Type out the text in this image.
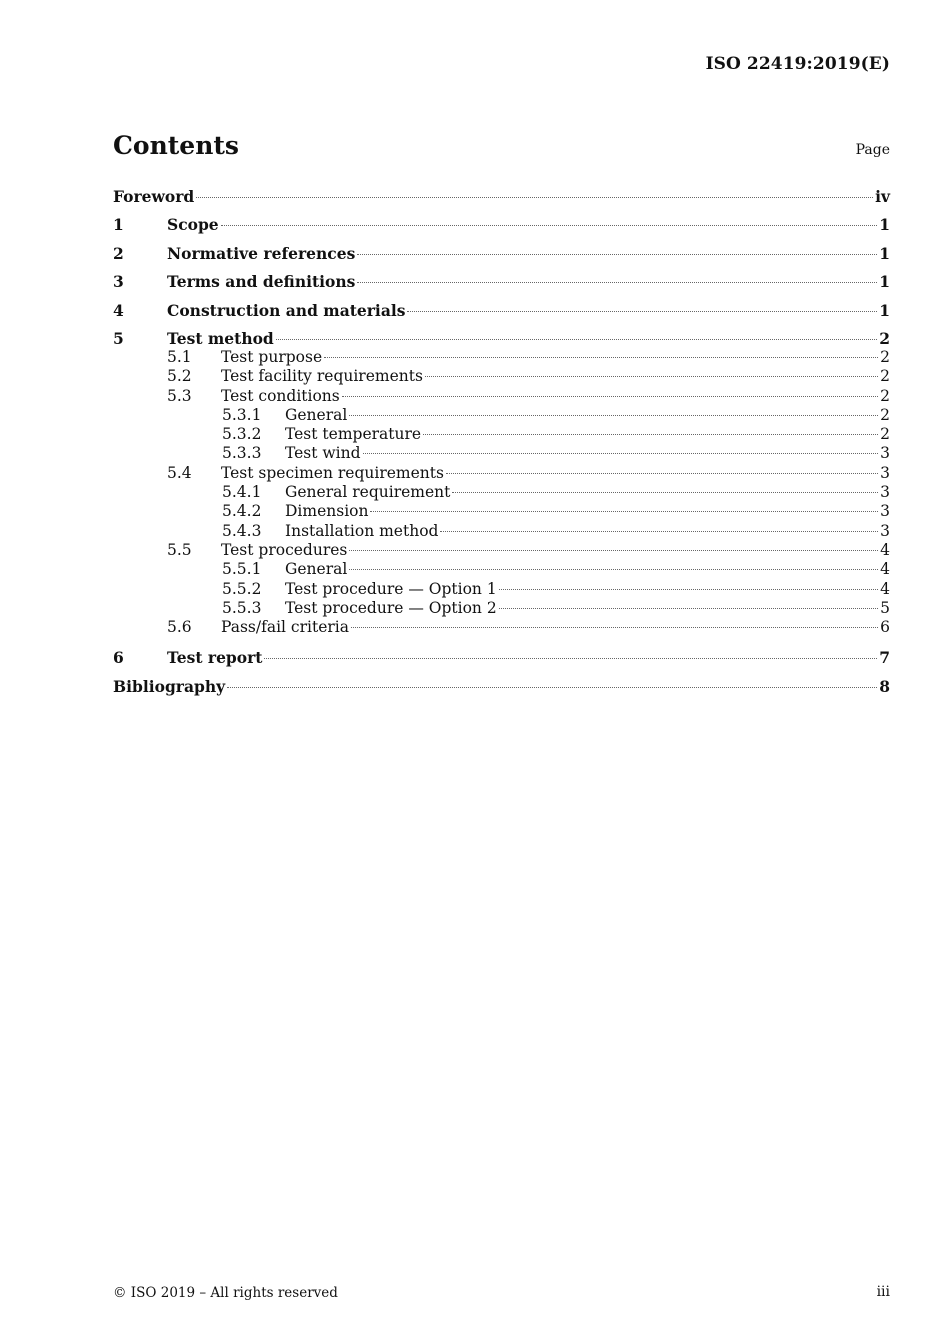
ISO 22419:2019(E)
Contents	Page
Foreword	iv
1	Scope	1
2	Normative references	1
3	Terms and definitions	1
4	Construction and materials	1
5	Test method	2
5.1	Test purpose	2
5.2	Test facility requirements	2
5.3	Test conditions	2
5.3.1	General	2
5.3.2	Test temperature	2
5.3.3	Test wind	3
5.4	Test specimen requirements	3
5.4.1	General requirement	3
5.4.2	Dimension	3
5.4.3	Installation method	3
5.5	Test procedures	4
5.5.1	General	4
5.5.2	Test procedure — Option 1	4
5.5.3	Test procedure — Option 2	5
5.6	Pass/fail criteria	6
6	Test report	7
Bibliography	8
© ISO 2019 – All rights reserved	iii
